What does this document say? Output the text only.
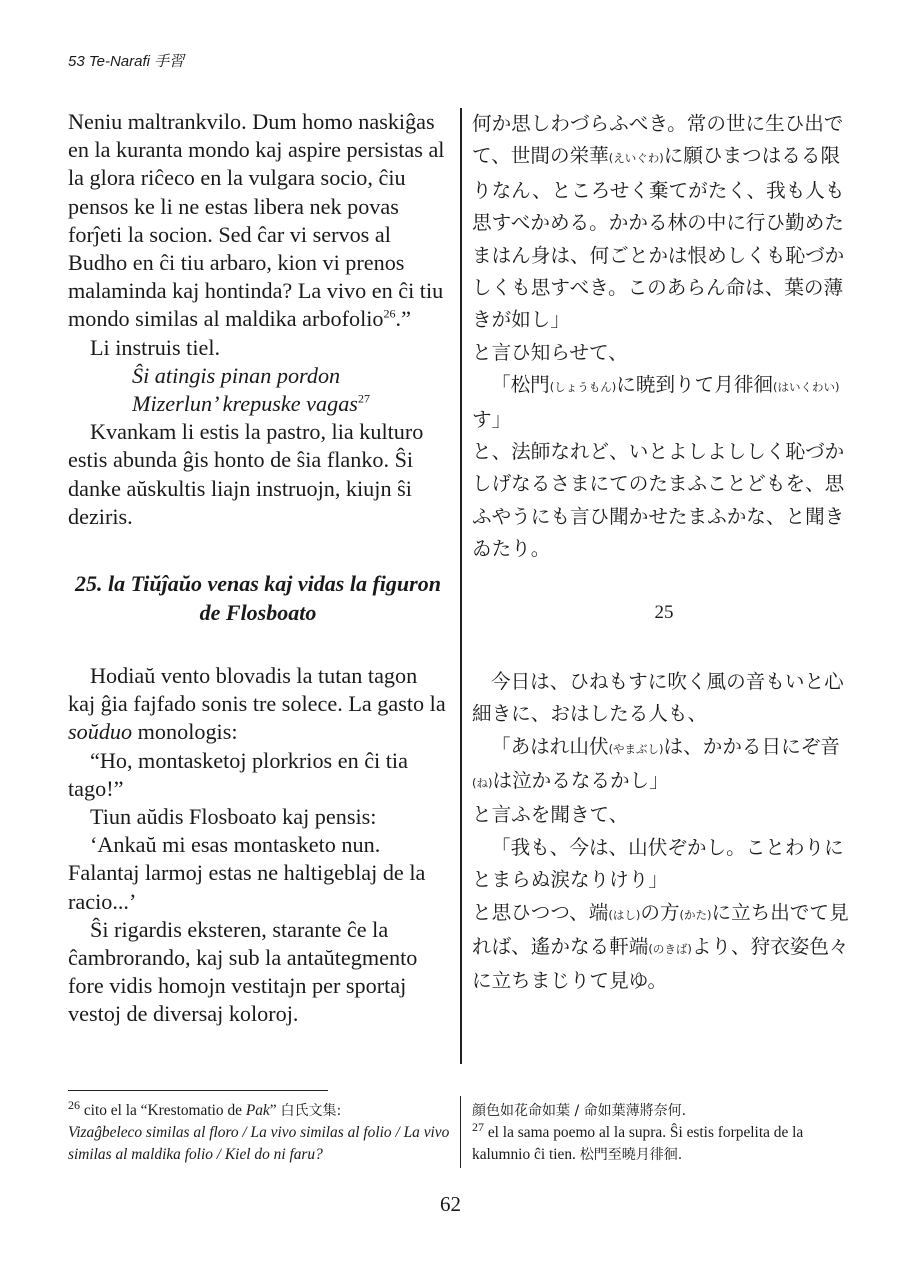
53 Te-Narafi 手習

Neniu maltrankvilo. Dum homo naskiĝas en la kuranta mondo kaj aspire persistas al la glora riĉeco en la vulgara socio, ĉiu pensos ke li ne estas libera nek povas forĵeti la socion. Sed ĉar vi servos al Budho en ĉi tiu arbaro, kion vi prenos malaminda kaj hontinda? La vivo en ĉi tiu mondo similas al maldika arbofolio$^{26}$.”

Li instruis tiel.

Ŝi atingis pinan pordon

Mizerlun’ krepuske vagas$^{27}$

Kvankam li estis la pastro, lia kulturo estis abunda ĝis honto de ŝia flanko. Ŝi danke aŭskultis liajn instruojn, kiujn ŝi deziris.

25. la Tiŭĵaŭo venas kaj vidas la figuron de Flosboato

Hodiaŭ vento blovadis la tutan tagon kaj ĝia fajfado sonis tre solece. La gasto la soŭduo monologis:

“Ho, montasketoj plorkrios en ĉi tia tago!”

Tiun aŭdis Flosboato kaj pensis:

‘Ankaŭ mi esas montasketo nun. Falantaj larmoj estas ne haltigeblaj de la racio...’

Ŝi rigardis eksteren, starante ĉe la ĉambrorando, kaj sub la antaŭtegmento fore vidis homojn vestitajn per sportaj vestoj de diversaj koloroj.

何か思しわづらふべき。常の世に生ひ出でて、世間の栄華(えいぐわ)に願ひまつはるる限りなん、ところせく棄てがたく、我も人も思すべかめる。かかる林の中に行ひ勤めたまはん身は、何ごとかは恨めしくも恥づかしくも思すべき。このあらん命は、葉の薄きが如し」

と言ひ知らせて、

「松門(しょうもん)に暁到りて月徘徊(はいくわい)す」

と、法師なれど、いとよしよししく恥づかしげなるさまにてのたまふことどもを、思ふやうにも言ひ聞かせたまふかな、と聞きゐたり。

25

今日は、ひねもすに吹く風の音もいと心細きに、おはしたる人も、

「あはれ山伏(やまぶし)は、かかる日にぞ音(ね)は泣かるなるかし」

と言ふを聞きて、

「我も、今は、山伏ぞかし。ことわりにとまらぬ涙なりけり」

と思ひつつ、端(はし)の方(かた)に立ち出でて見れば、遙かなる軒端(のきば)より、狩衣姿色々に立ちまじりて見ゆ。

$^{26}$ cito el la “Krestomatio de Pak” 白氏文集:

Vizaĝbeleco similas al floro / La vivo similas al folio / La vivo similas al maldika folio / Kiel do ni faru?

顔色如花命如葉 / 命如葉薄將奈何.

$^{27}$ el la sama poemo al la supra. Ŝi estis forpelita de la kalumnio ĉi tien. 松門至曉月徘徊.

62
